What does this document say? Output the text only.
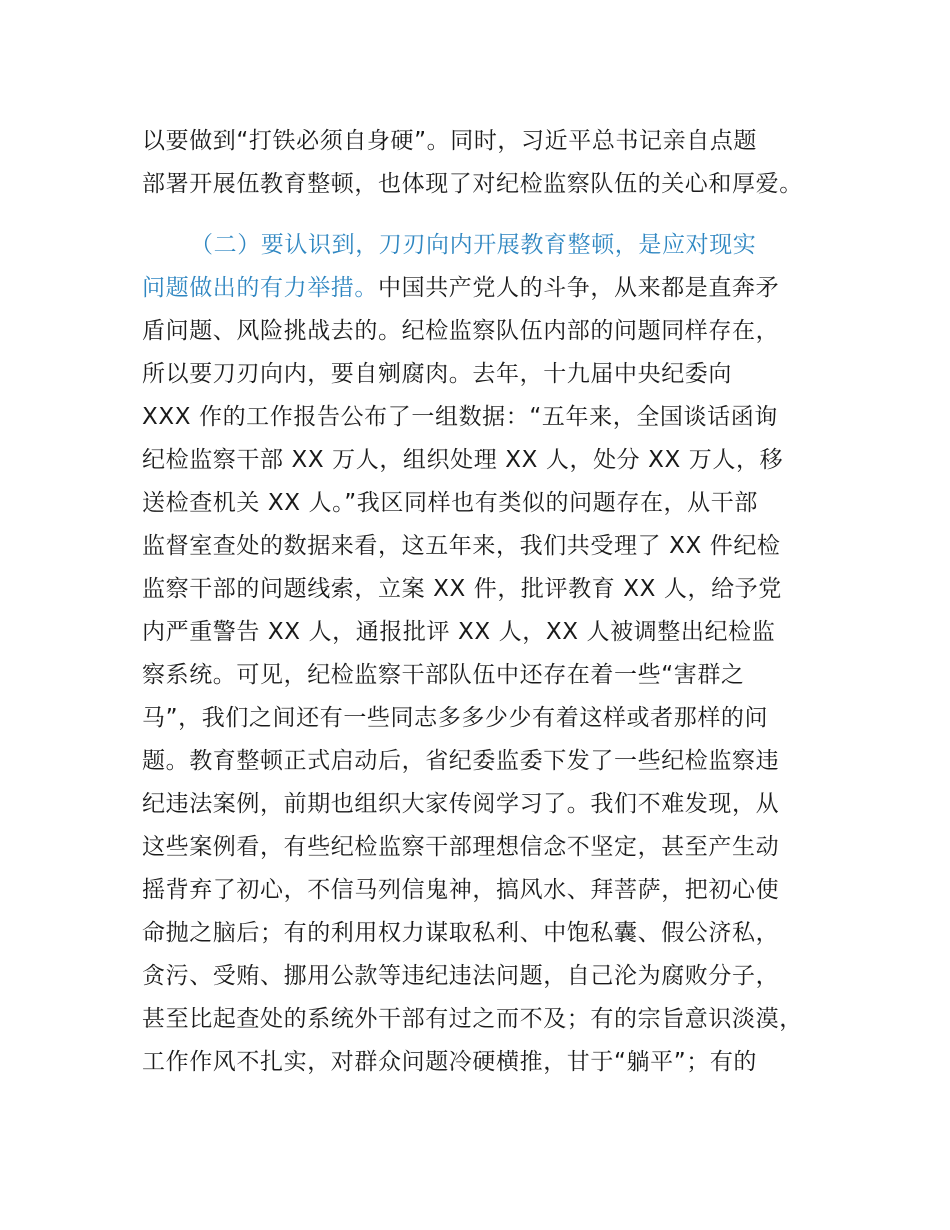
以要做到“打铁必须自身硬”。同时，习近平总书记亲自点题
部署开展伍教育整顿，也体现了对纪检监察队伍的关心和厚爱。
（二）要认识到，刀刃向内开展教育整顿，是应对现实
问题做出的有力举措。中国共产党人的斗争，从来都是直奔矛
盾问题、风险挑战去的。纪检监察队伍内部的问题同样存在，
所以要刀刃向内，要自剜腐肉。去年，十九届中央纪委向
XXX 作的工作报告公布了一组数据：“五年来，全国谈话函询
纪检监察干部 XX 万人，组织处理 XX 人，处分 XX 万人，移
送检查机关 XX 人。”我区同样也有类似的问题存在，从干部
监督室查处的数据来看，这五年来，我们共受理了 XX 件纪检
监察干部的问题线索，立案 XX 件，批评教育 XX 人，给予党
内严重警告 XX 人，通报批评 XX 人，XX 人被调整出纪检监
察系统。可见，纪检监察干部队伍中还存在着一些“害群之
马”，我们之间还有一些同志多多少少有着这样或者那样的问
题。教育整顿正式启动后，省纪委监委下发了一些纪检监察违
纪违法案例，前期也组织大家传阅学习了。我们不难发现，从
这些案例看，有些纪检监察干部理想信念不坚定，甚至产生动
摇背弃了初心，不信马列信鬼神，搞风水、拜菩萨，把初心使
命抛之脑后；有的利用权力谋取私利、中饱私囊、假公济私，
贪污、受贿、挪用公款等违纪违法问题，自己沦为腐败分子，
甚至比起查处的系统外干部有过之而不及；有的宗旨意识淡漠，
工作作风不扎实，对群众问题冷硬横推，甘于“躺平”；有的
